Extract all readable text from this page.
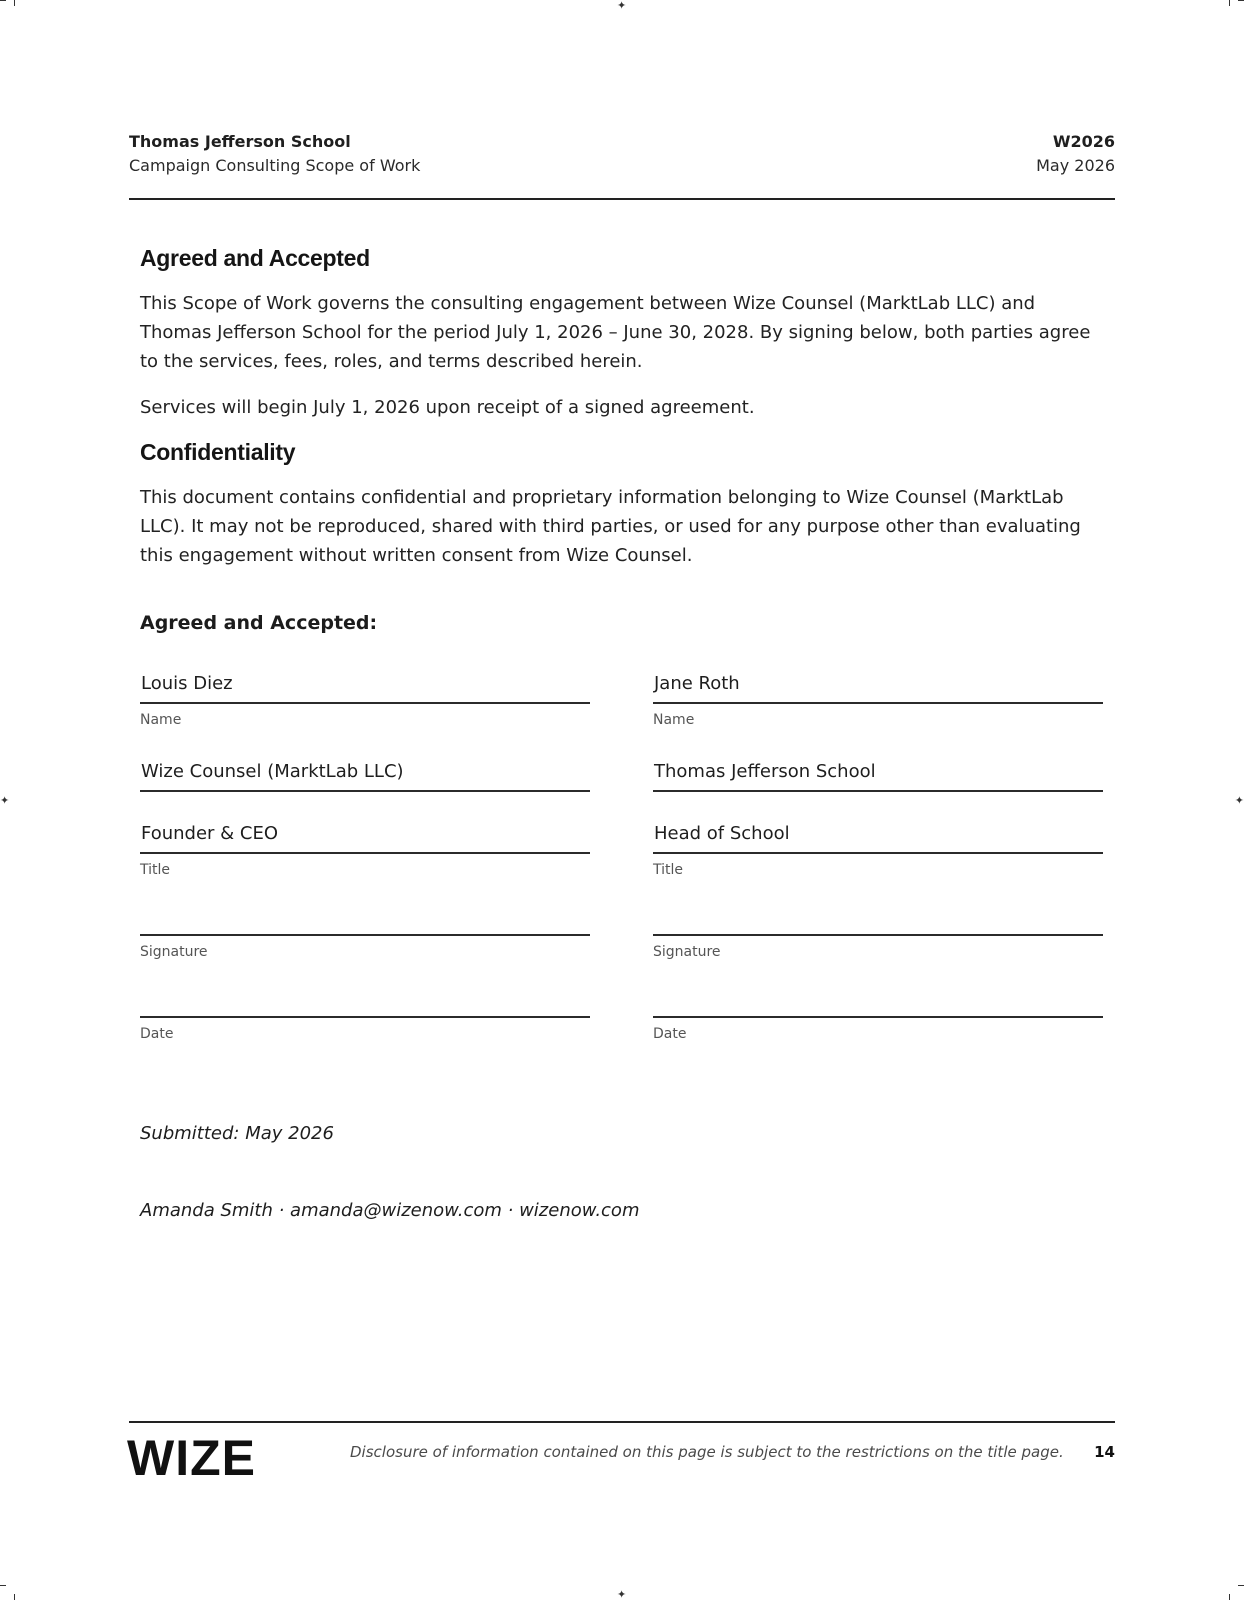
✦
✦
✦	✦
Thomas Jefferson School
Campaign Consulting Scope of Work
W2026
May 2026
Agreed and Accepted

This Scope of Work governs the consulting engagement between Wize Counsel (MarktLab LLC) and Thomas Jefferson School for the period July 1, 2026 – June 30, 2028. By signing below, both parties agree to the services, fees, roles, and terms described herein.

Services will begin July 1, 2026 upon receipt of a signed agreement.

Confidentiality

This document contains confidential and proprietary information belonging to Wize Counsel (MarktLab LLC). It may not be reproduced, shared with third parties, or used for any purpose other than evaluating this engagement without written consent from Wize Counsel.

Agreed and Accepted:
Louis Diez
Name
Wize Counsel (MarktLab LLC)
Founder & CEO
Title
Signature
Date
Jane Roth
Name
Thomas Jefferson School
Head of School
Title
Signature
Date
Submitted: May 2026
Amanda Smith · amanda@wizenow.com · wizenow.com
WIZE	Disclosure of information contained on this page is subject to the restrictions on the title page. 14
